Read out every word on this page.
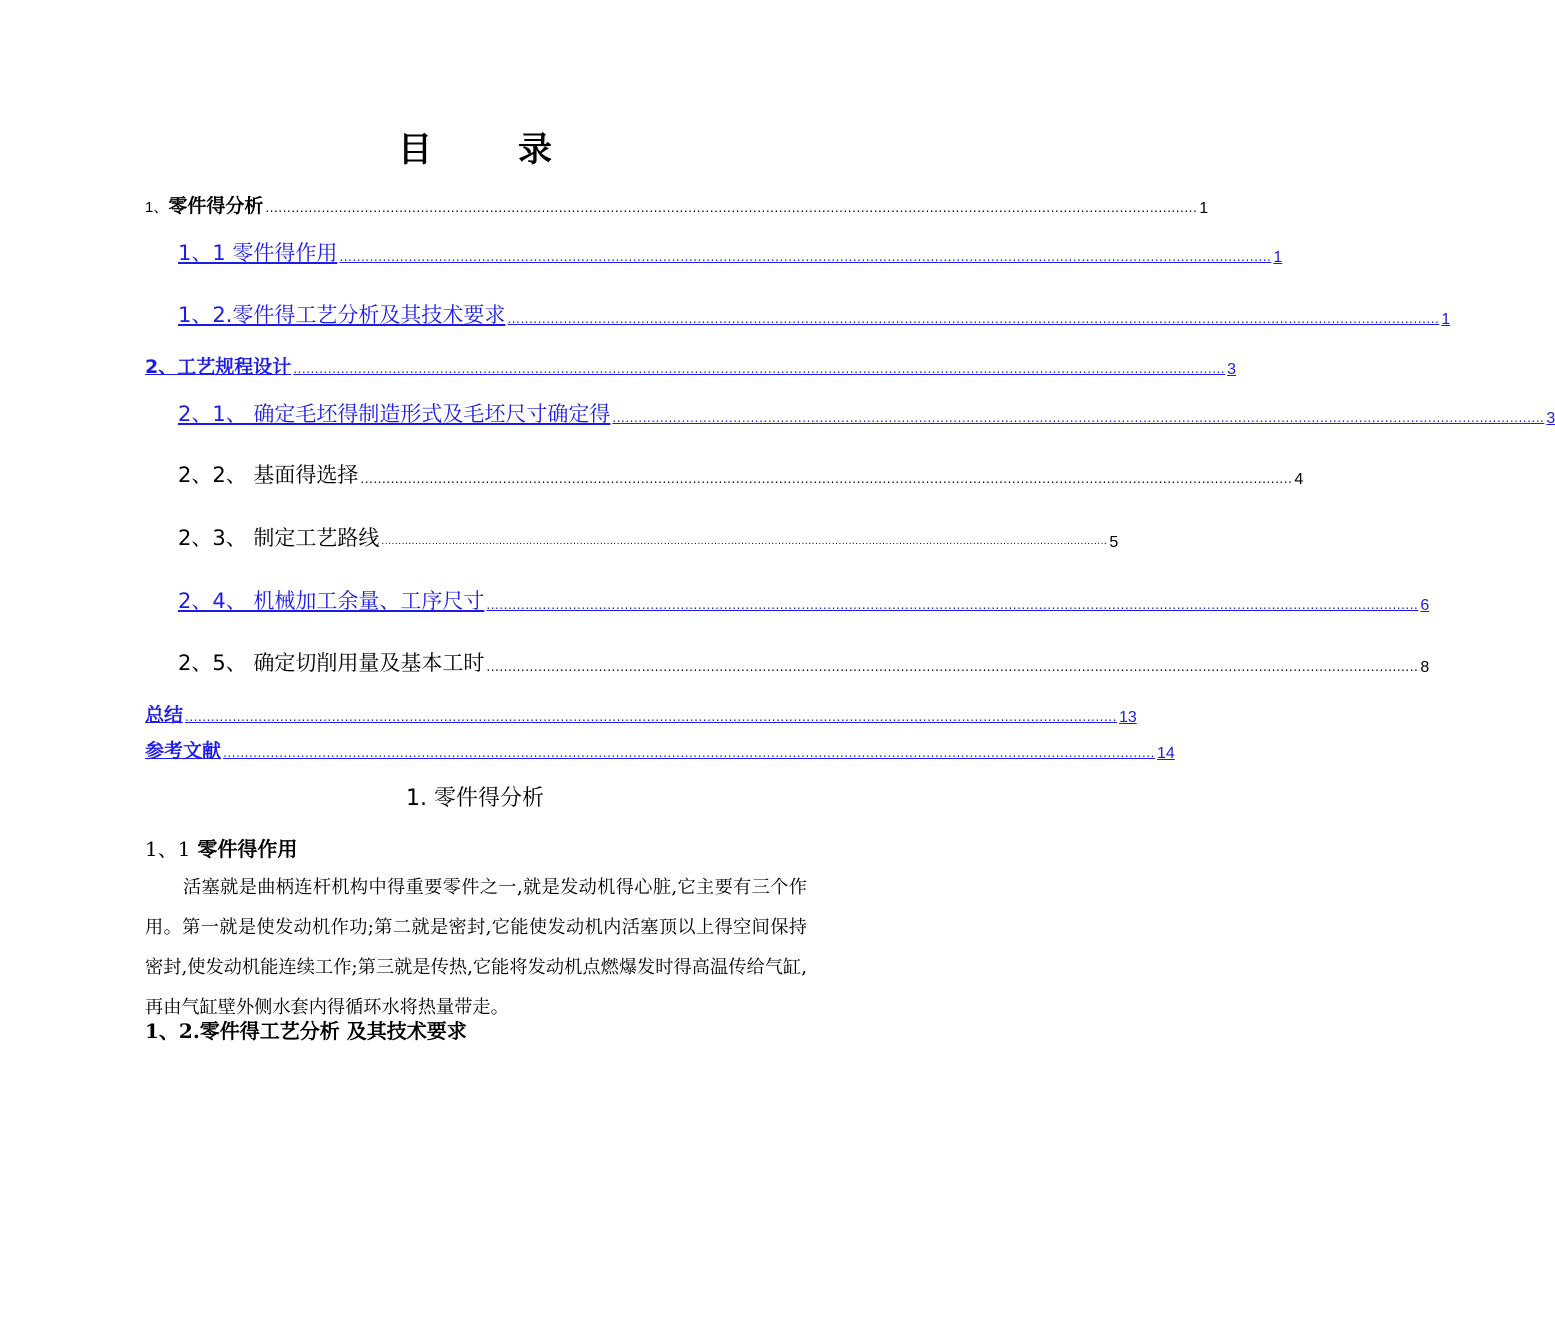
目　录
1、零件得分析 ........................................................................................................................................................................................................................ 1
1、1 零件得作用 ........................................................................................................................................................................................................................ 1
1、2.零件得工艺分析及其技术要求 ........................................................................................................................................................................................................................ 1
2、工艺规程设计 ........................................................................................................................................................................................................................ 3
2、1、 确定毛坯得制造形式及毛坯尺寸确定得 ........................................................................................................................................................................................................................ 3
2、2、 基面得选择 ........................................................................................................................................................................................................................ 4
2、3、 制定工艺路线 ........................................................................................................................................................................................................................ 5
2、4、 机械加工余量、工序尺寸 ........................................................................................................................................................................................................................ 6
2、5、 确定切削用量及基本工时 ........................................................................................................................................................................................................................ 8
总结 ........................................................................................................................................................................................................................ 13
参考文献 ........................................................................................................................................................................................................................ 14
1. 零件得分析
1、1 零件得作用

活塞就是曲柄连杆机构中得重要零件之一,就是发动机得心脏,它主要有三个作用。第一就是使发动机作功;第二就是密封,它能使发动机内活塞顶以上得空间保持密封,使发动机能连续工作;第三就是传热,它能将发动机点燃爆发时得高温传给气缸,再由气缸壁外侧水套内得循环水将热量带走。

1、2.零件得工艺分析 及其技术要求
